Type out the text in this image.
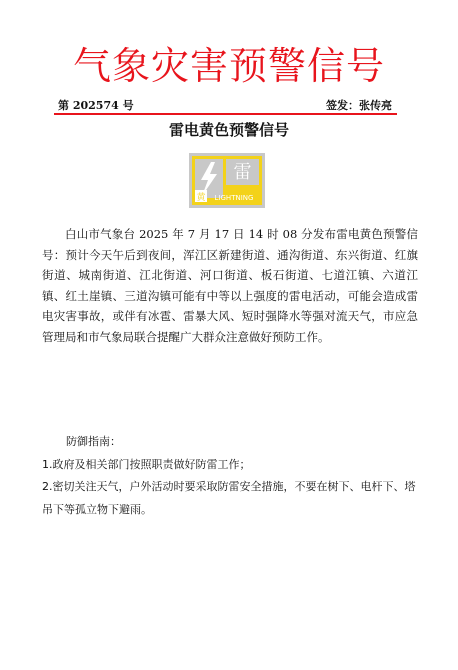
气象灾害预警信号
第 202574 号	签发：张传亮
雷电黄色预警信号
雷
黄 LIGHTNING
白山市气象台 2025 年 7 月 17 日 14 时 08 分发布雷电黄色预警信号：预计今天午后到夜间，浑江区新建街道、通沟街道、东兴街道、红旗街道、城南街道、江北街道、河口街道、板石街道、七道江镇、六道江镇、红土崖镇、三道沟镇可能有中等以上强度的雷电活动，可能会造成雷电灾害事故，或伴有冰雹、雷暴大风、短时强降水等强对流天气，市应急管理局和市气象局联合提醒广大群众注意做好预防工作。
防御指南：
1.政府及相关部门按照职责做好防雷工作；
2.密切关注天气，户外活动时要采取防雷安全措施，不要在树下、电杆下、塔吊下等孤立物下避雨。
